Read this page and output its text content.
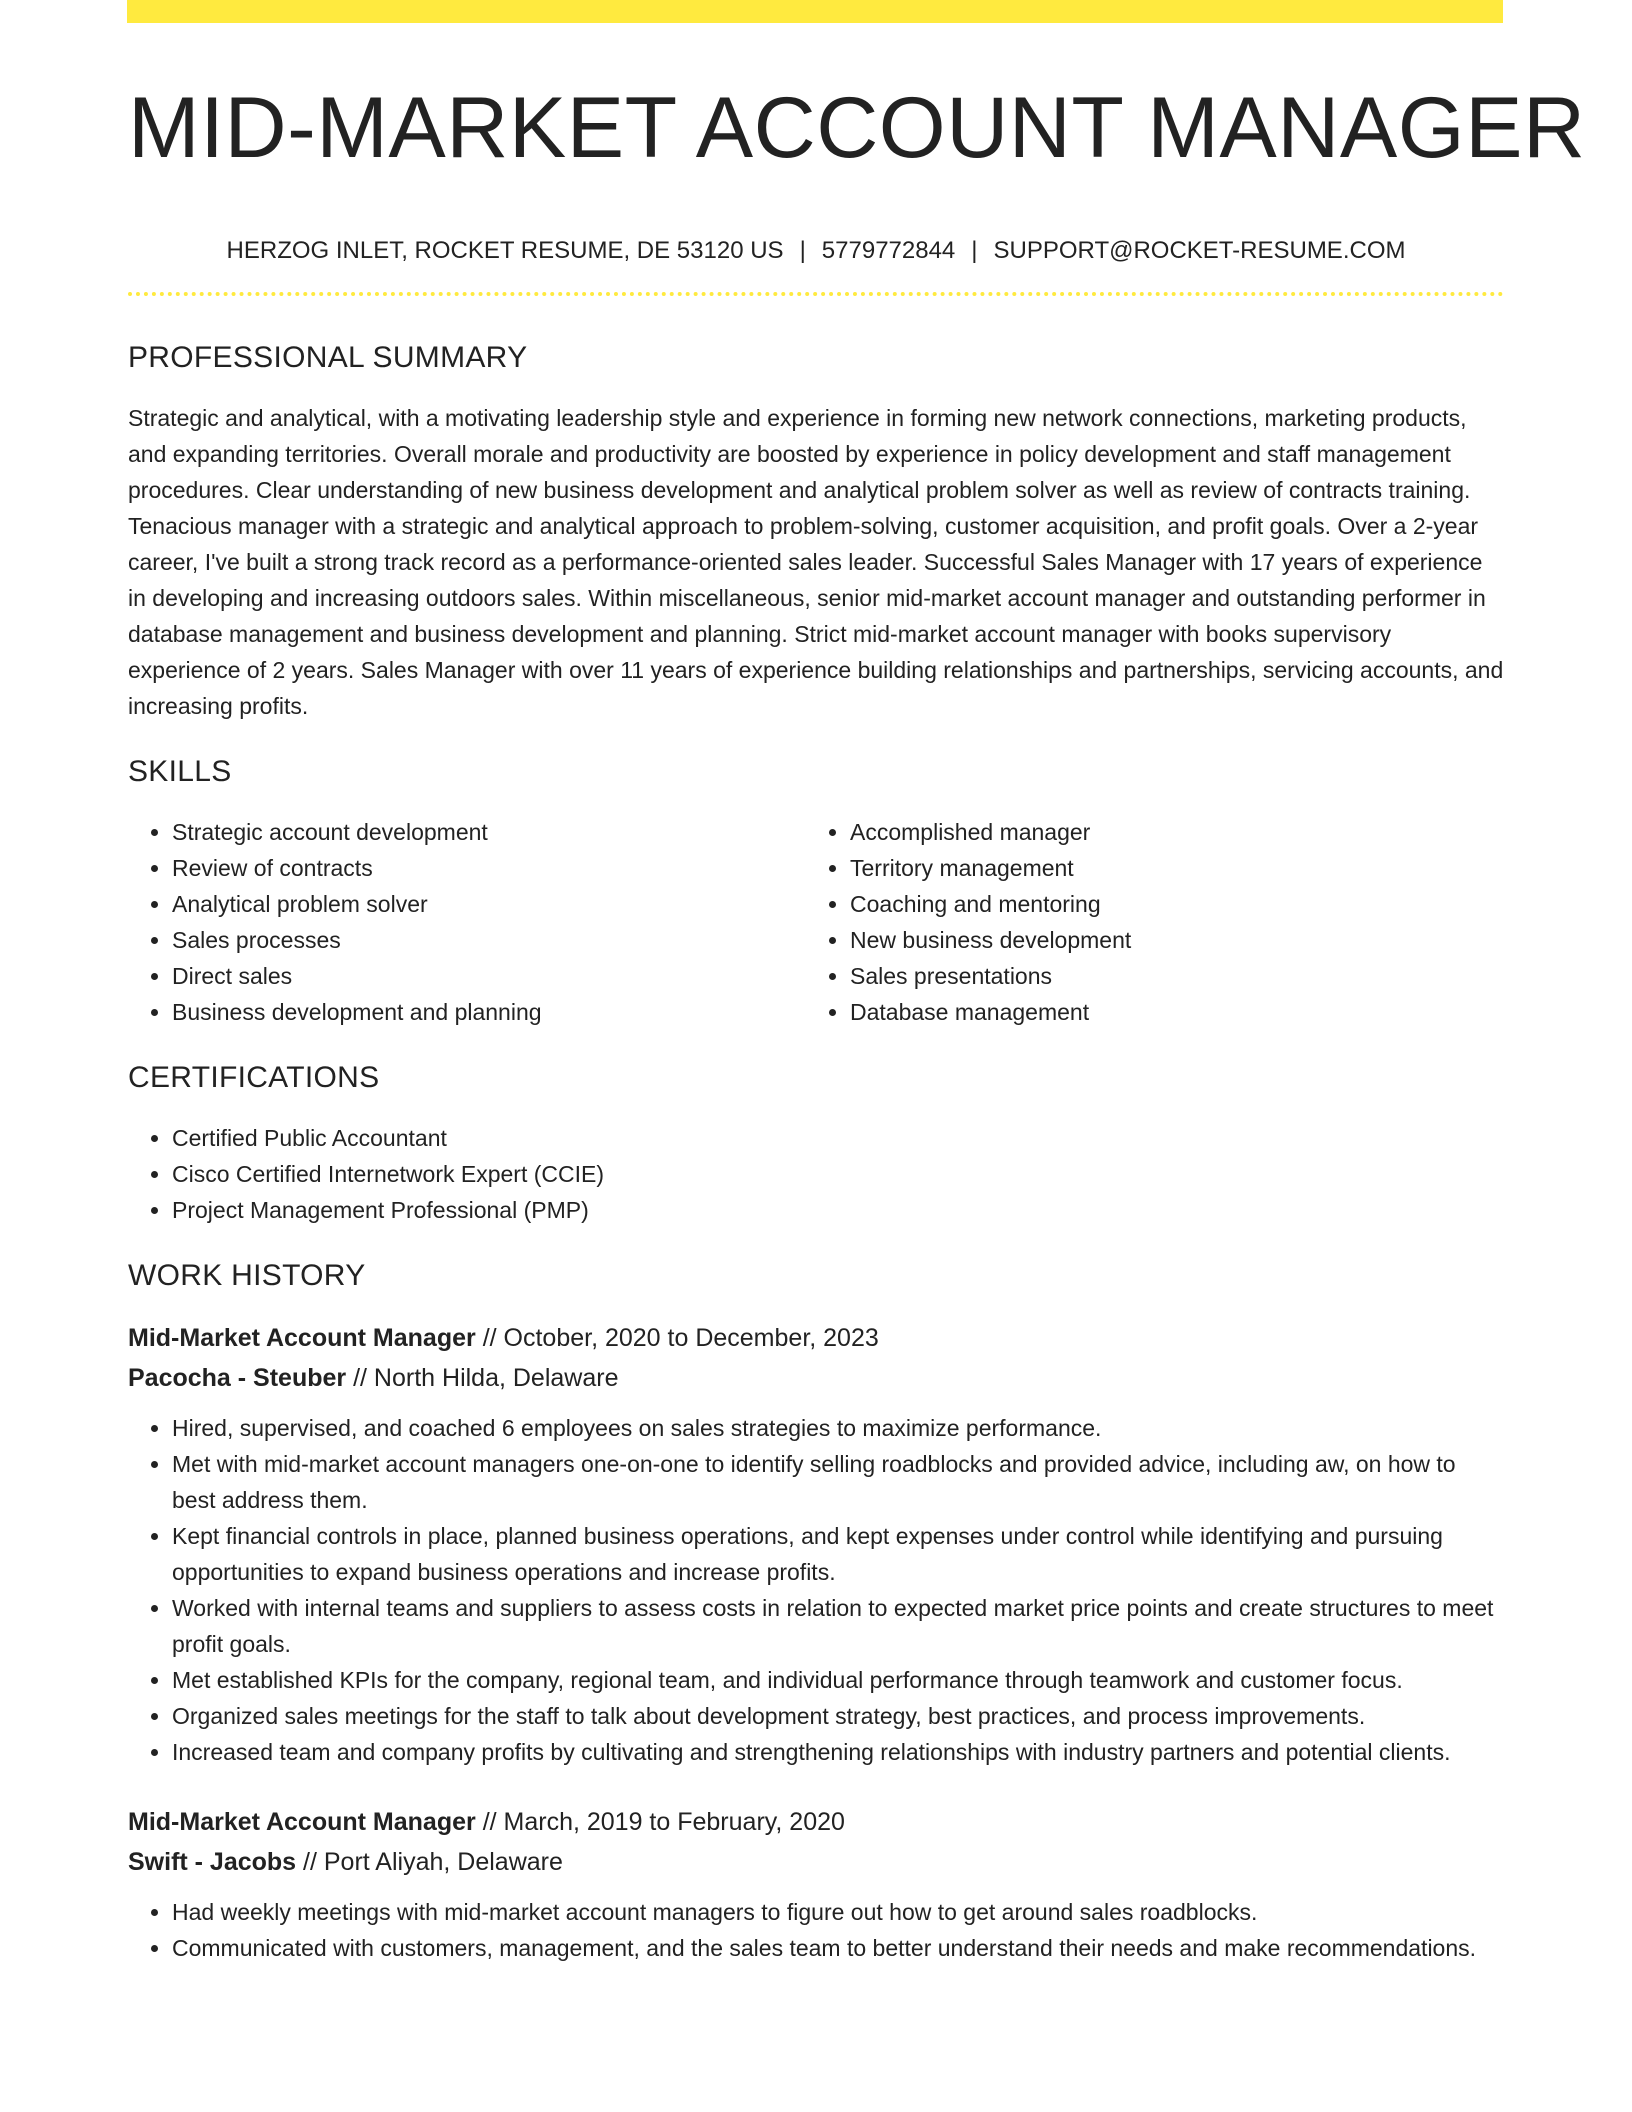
MID-MARKET ACCOUNT MANAGER
HERZOG INLET, ROCKET RESUME, DE 53120 US | 5779772844 | SUPPORT@ROCKET-RESUME.COM
PROFESSIONAL SUMMARY

Strategic and analytical, with a motivating leadership style and experience in forming new network connections, marketing products, and expanding territories. Overall morale and productivity are boosted by experience in policy development and staff management procedures. Clear understanding of new business development and analytical problem solver as well as review of contracts training. Tenacious manager with a strategic and analytical approach to problem-solving, customer acquisition, and profit goals. Over a 2-year career, I've built a strong track record as a performance-oriented sales leader. Successful Sales Manager with 17 years of experience in developing and increasing outdoors sales. Within miscellaneous, senior mid-market account manager and outstanding performer in database management and business development and planning. Strict mid-market account manager with books supervisory experience of 2 years. Sales Manager with over 11 years of experience building relationships and partnerships, servicing accounts, and increasing profits.

SKILLS
• Strategic account development
• Review of contracts
• Analytical problem solver
• Sales processes
• Direct sales
• Business development and planning
• Accomplished manager
• Territory management
• Coaching and mentoring
• New business development
• Sales presentations
• Database management
CERTIFICATIONS
• Certified Public Accountant
• Cisco Certified Internetwork Expert (CCIE)
• Project Management Professional (PMP)
WORK HISTORY
Mid-Market Account Manager // October, 2020 to December, 2023
Pacocha - Steuber // North Hilda, Delaware
• Hired, supervised, and coached 6 employees on sales strategies to maximize performance.
• Met with mid-market account managers one-on-one to identify selling roadblocks and provided advice, including aw, on how to best address them.
• Kept financial controls in place, planned business operations, and kept expenses under control while identifying and pursuing opportunities to expand business operations and increase profits.
• Worked with internal teams and suppliers to assess costs in relation to expected market price points and create structures to meet profit goals.
• Met established KPIs for the company, regional team, and individual performance through teamwork and customer focus.
• Organized sales meetings for the staff to talk about development strategy, best practices, and process improvements.
• Increased team and company profits by cultivating and strengthening relationships with industry partners and potential clients.
Mid-Market Account Manager // March, 2019 to February, 2020
Swift - Jacobs // Port Aliyah, Delaware
• Had weekly meetings with mid-market account managers to figure out how to get around sales roadblocks.
• Communicated with customers, management, and the sales team to better understand their needs and make recommendations.
